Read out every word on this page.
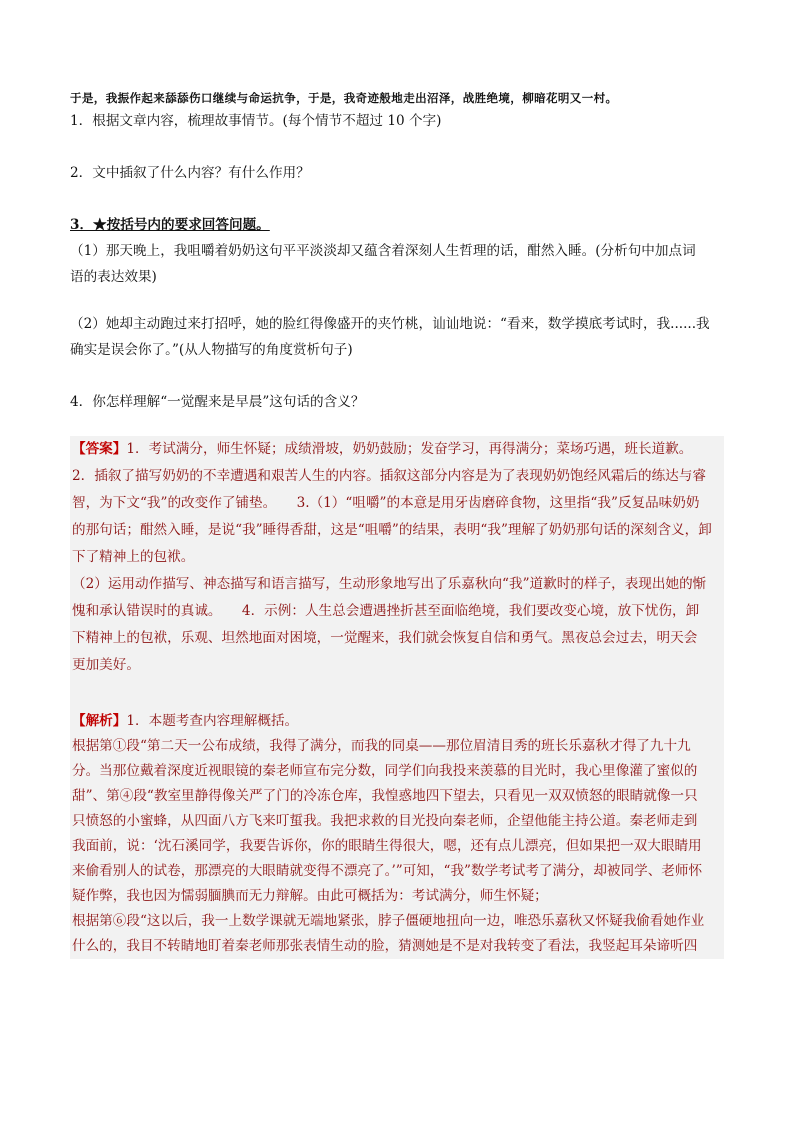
于是，我振作起来舔舔伤口继续与命运抗争，于是，我奇迹般地走出沼泽，战胜绝境，柳暗花明又一村。
1．根据文章内容，梳理故事情节。(每个情节不超过 10 个字)
2．文中插叙了什么内容？有什么作用？
3．★按括号内的要求回答问题。
（1）那天晚上，我咀嚼着奶奶这句平平淡淡却又蕴含着深刻人生哲理的话，酣然入睡。(分析句中加点词
语的表达效果)
（2）她却主动跑过来打招呼，她的脸红得像盛开的夹竹桃，讪讪地说：“看来，数学摸底考试时，我......我
确实是误会你了。”(从人物描写的角度赏析句子)
4．你怎样理解“一觉醒来是早晨”这句话的含义？
【答案】1．考试满分，师生怀疑；成绩滑坡，奶奶鼓励；发奋学习，再得满分；菜场巧遇，班长道歉。
2．插叙了描写奶奶的不幸遭遇和艰苦人生的内容。插叙这部分内容是为了表现奶奶饱经风霜后的练达与睿
智，为下文“我”的改变作了铺垫。　　3.（1）“咀嚼”的本意是用牙齿磨碎食物，这里指“我”反复品味奶奶
的那句话；酣然入睡，是说“我”睡得香甜，这是“咀嚼”的结果，表明“我”理解了奶奶那句话的深刻含义，卸
下了精神上的包袱。
（2）运用动作描写、神态描写和语言描写，生动形象地写出了乐嘉秋向“我”道歉时的样子，表现出她的惭
愧和承认错误时的真诚。　　4．示例：人生总会遭遇挫折甚至面临绝境，我们要改变心境，放下忧伤，卸
下精神上的包袱，乐观、坦然地面对困境，一觉醒来，我们就会恢复自信和勇气。黑夜总会过去，明天会
更加美好。
【解析】1．本题考查内容理解概括。
根据第①段“第二天一公布成绩，我得了满分，而我的同桌——那位眉清目秀的班长乐嘉秋才得了九十九
分。当那位戴着深度近视眼镜的秦老师宣布完分数，同学们向我投来羡慕的目光时，我心里像灌了蜜似的
甜”、第④段“教室里静得像关严了门的冷冻仓库，我惶惑地四下望去，只看见一双双愤怒的眼睛就像一只
只愤怒的小蜜蜂，从四面八方飞来叮蜇我。我把求救的目光投向秦老师，企望他能主持公道。秦老师走到
我面前，说：‘沈石溪同学，我要告诉你，你的眼睛生得很大，嗯，还有点儿漂亮，但如果把一双大眼睛用
来偷看别人的试卷，那漂亮的大眼睛就变得不漂亮了。’”可知，“我”数学考试考了满分，却被同学、老师怀
疑作弊，我也因为懦弱腼腆而无力辩解。由此可概括为：考试满分，师生怀疑；
根据第⑥段“这以后，我一上数学课就无端地紧张，脖子僵硬地扭向一边，唯恐乐嘉秋又怀疑我偷看她作业
什么的，我目不转睛地盯着秦老师那张表情生动的脸，猜测她是不是对我转变了看法，我竖起耳朵谛听四
